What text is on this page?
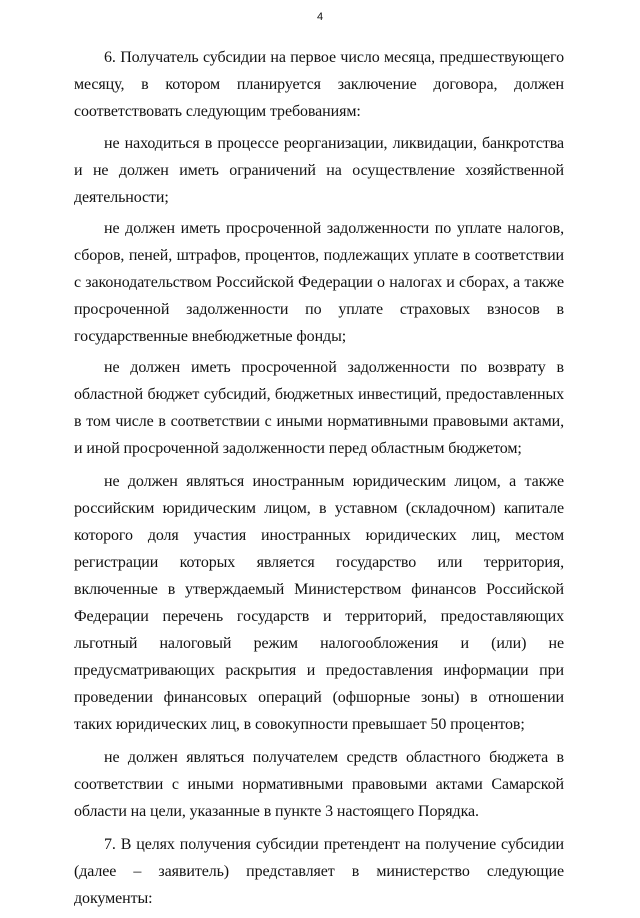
4

6. Получатель субсидии на первое число месяца, предшествующего месяцу, в котором планируется заключение договора, должен соответствовать следующим требованиям:

не находиться в процессе реорганизации, ликвидации, банкротства и не должен иметь ограничений на осуществление хозяйственной деятельности;

не должен иметь просроченной задолженности по уплате налогов, сборов, пеней, штрафов, процентов, подлежащих уплате в соответствии с законодательством Российской Федерации о налогах и сборах, а также просроченной задолженности по уплате страховых взносов в государственные внебюджетные фонды;

не должен иметь просроченной задолженности по возврату в областной бюджет субсидий, бюджетных инвестиций, предоставленных в том числе в соответствии с иными нормативными правовыми актами, и иной просроченной задолженности перед областным бюджетом;

не должен являться иностранным юридическим лицом, а также российским юридическим лицом, в уставном (складочном) капитале которого доля участия иностранных юридических лиц, местом регистрации которых является государство или территория, включенные в утверждаемый Министерством финансов Российской Федерации перечень государств и территорий, предоставляющих льготный налоговый режим налогообложения и (или) не предусматривающих раскрытия и предоставления информации при проведении финансовых операций (офшорные зоны) в отношении таких юридических лиц, в совокупности превышает 50 процентов;

не должен являться получателем средств областного бюджета в соответствии с иными нормативными правовыми актами Самарской области на цели, указанные в пункте 3 настоящего Порядка.

7. В целях получения субсидии претендент на получение субсидии (далее – заявитель) представляет в министерство следующие документы:
